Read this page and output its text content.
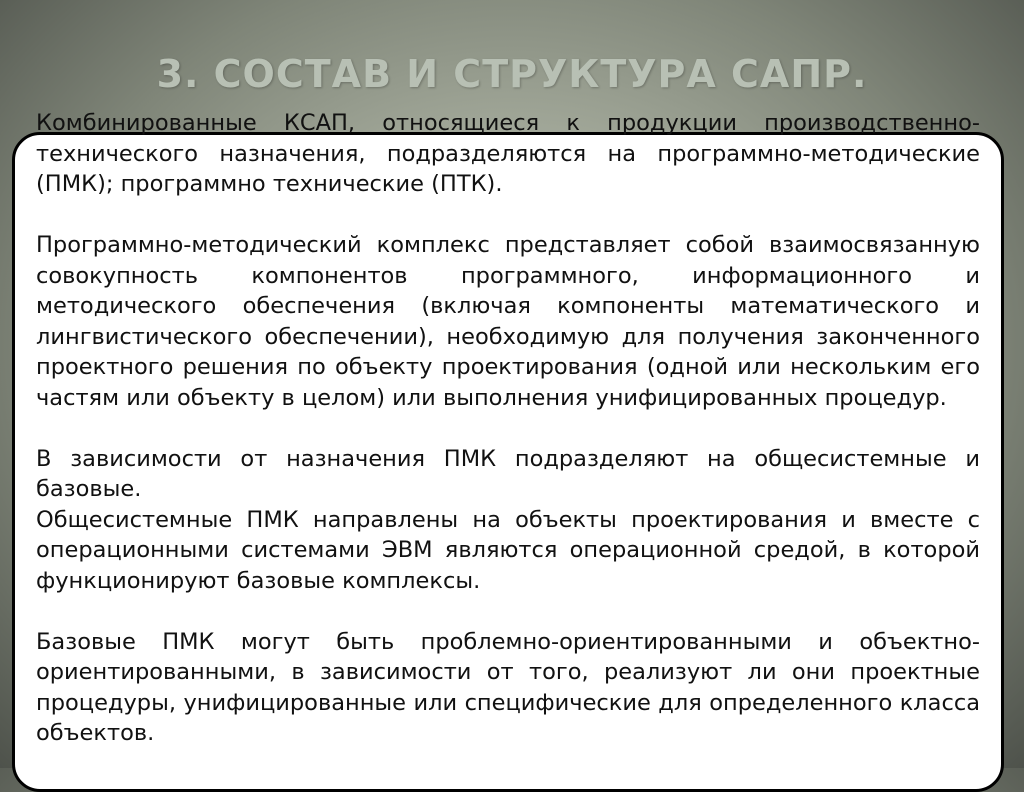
3. СОСТАВ И СТРУКТУРА САПР.

Комбинированные КСАП, относящиеся к продукции производственно-технического назначения, подразделяются на программно-методические (ПМК); программно технические (ПТК).

Программно-методический комплекс представляет собой взаимосвязанную совокупность компонентов программного, информационного и методического обеспечения (включая компоненты математического и лингвистического обеспечении), необходимую для получения законченного проектного решения по объекту проектирования (одной или нескольким его частям или объекту в целом) или выполнения унифицированных процедур.

В зависимости от назначения ПМК подразделяют на общесистемные и базовые.

Общесистемные ПМК направлены на объекты проектирования и вместе с операционными системами ЭВМ являются операционной средой, в которой функционируют базовые комплексы.

Базовые ПМК могут быть проблемно-ориентированными и объектно-ориентированными, в зависимости от того, реализуют ли они проектные процедуры, унифицированные или специфические для определенного класса объектов.
